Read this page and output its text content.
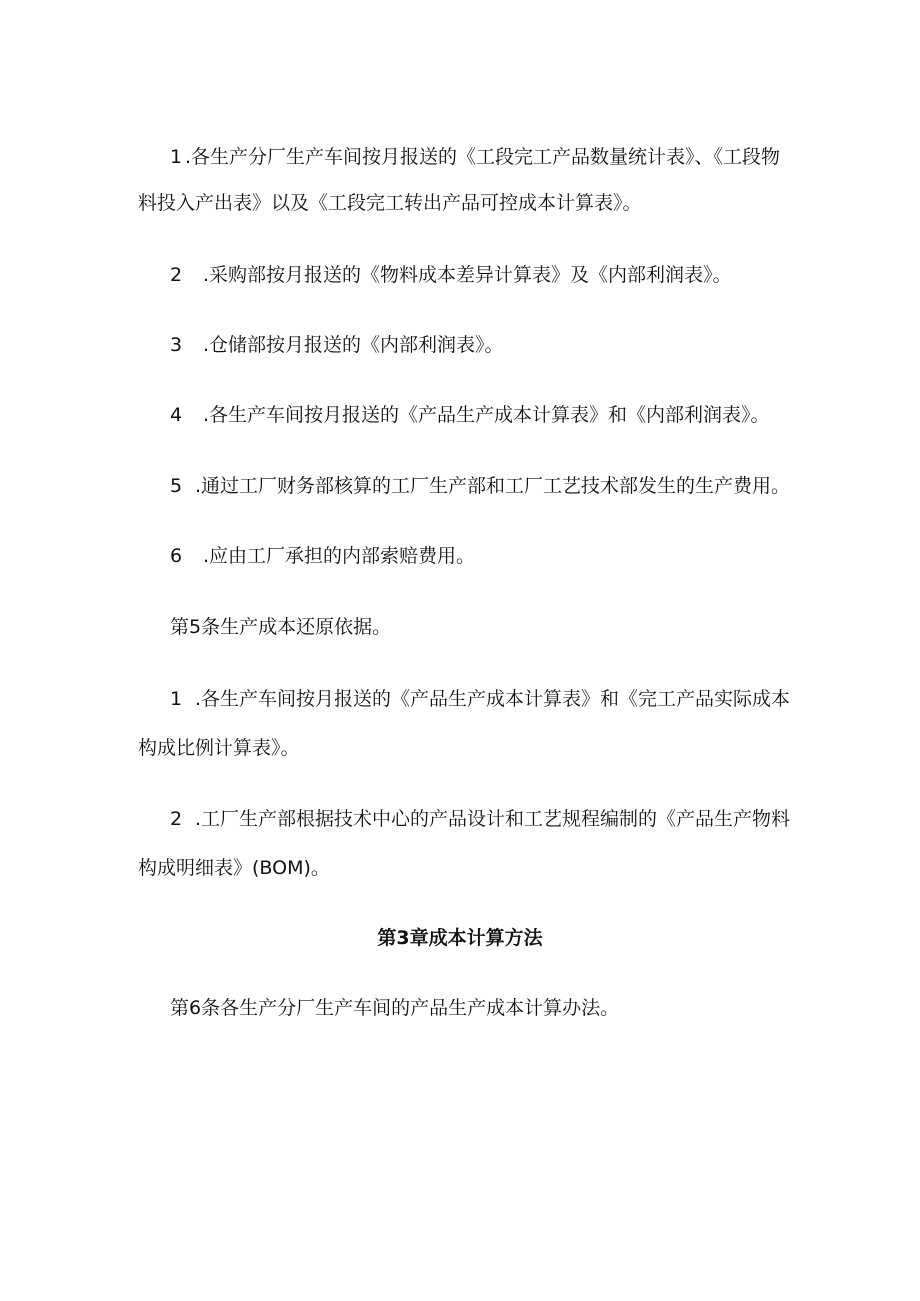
1 .各生产分厂生产车间按月报送的《工段完工产品数量统计表》、《工段物
料投入产出表》以及《工段完工转出产品可控成本计算表》。
2 .采购部按月报送的《物料成本差异计算表》及《内部利润表》。
3 .仓储部按月报送的《内部利润表》。
4 .各生产车间按月报送的《产品生产成本计算表》和《内部利润表》。
5 .通过工厂财务部核算的工厂生产部和工厂工艺技术部发生的生产费用。
6 .应由工厂承担的内部索赔费用。
第5条生产成本还原依据。
1 .各生产车间按月报送的《产品生产成本计算表》和《完工产品实际成本
构成比例计算表》。
2 .工厂生产部根据技术中心的产品设计和工艺规程编制的《产品生产物料
构成明细表》(BOM)。
第3章成本计算方法
第6条各生产分厂生产车间的产品生产成本计算办法。
